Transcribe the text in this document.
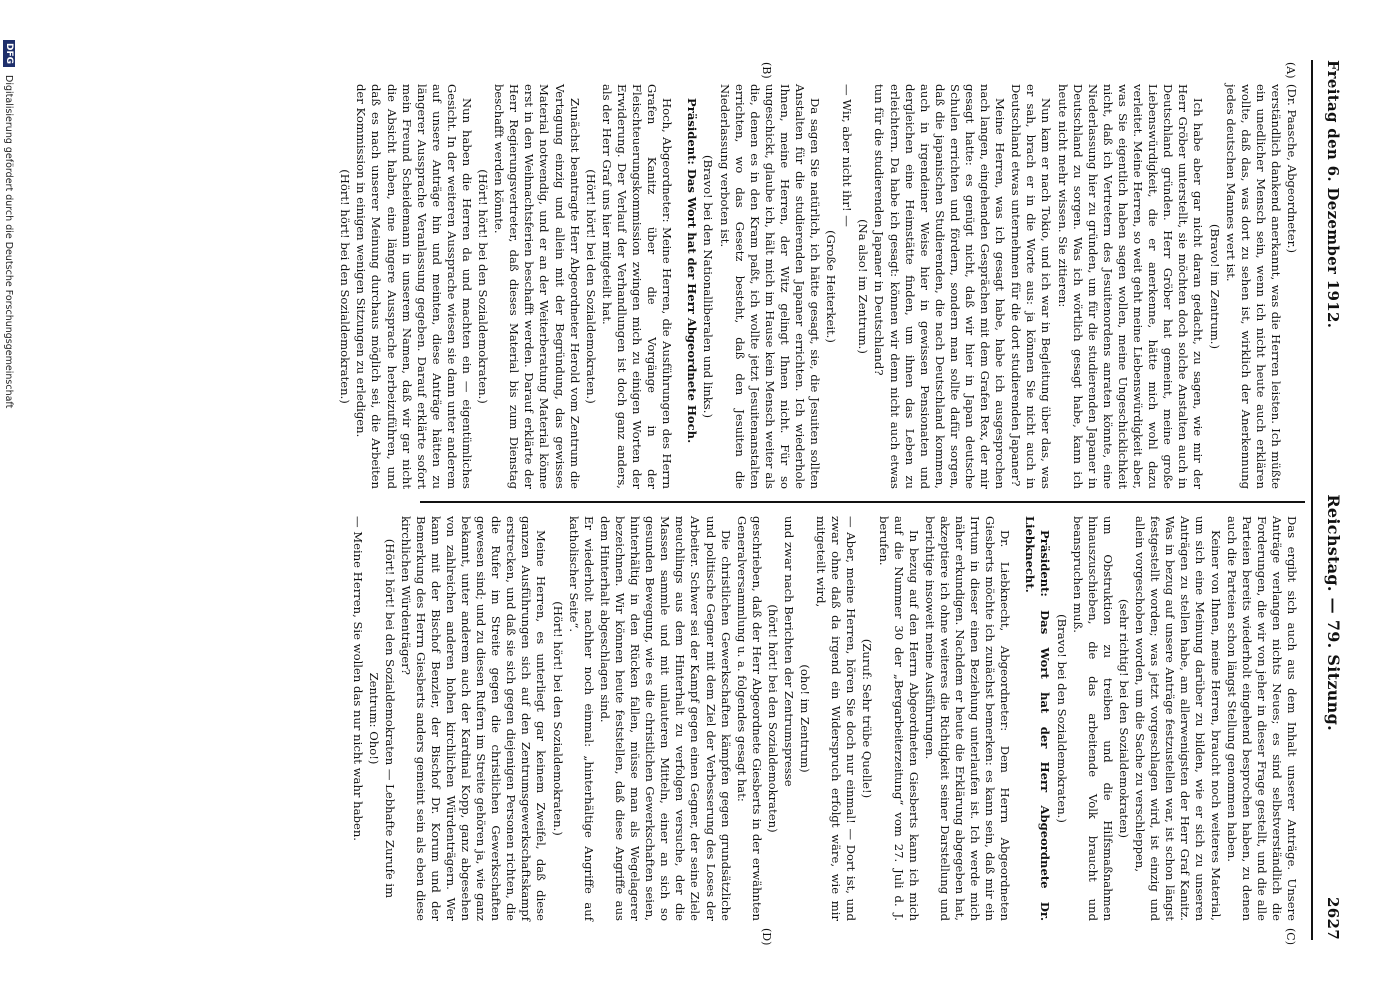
Freitag den 6. Dezember 1912.
Reichstag. — 79. Sitzung.
2627
(A)
(B)
(C)
(D)

(Dr. Paasche, Abgeordneter.)

verständlich dankend anerkannt, was die Herren leisten. Ich müßte ein unedlicher Mensch sein, wenn ich nicht heute auch erklären wollte, daß das, was dort zu sehen ist, wirklich der Anerkennung jedes deutschen Mannes wert ist.

(Bravo! im Zentrum.)

Ich habe aber gar nicht daran gedacht, zu sagen, wie mir der Herr Gröber unterstellt, sie möchten doch solche Anstalten auch in Deutschland gründen. Herr Gröber hat gemeint, meine große Liebenswürdigkeit, die er anerkenne, hätte mich wohl dazu verleitet. Meine Herren, so weit geht meine Liebenswürdigkeit aber, was Sie eigentlich haben sagen wollen, meine Ungeschicklichkeit nicht, daß ich Vertretern des Jesuitenordens anraten könnte, eine Niederlassung hier zu gründen, um für die studierenden Japaner in Deutschland zu sorgen. Was ich wörtlich gesagt habe, kann ich heute nicht mehr wissen. Sie zitieren:

Nun kam er nach Tokio, und ich war in Begleitung über das, was er sah, brach er in die Worte aus: ja können Sie nicht auch in Deutschland etwas unternehmen für die dort studierenden Japaner?

Meine Herren, was ich gesagt habe, habe ich ausgesprochen nach langen, eingehenden Gesprächen mit dem Grafen Rex, der mir gesagt hatte: es genügt nicht, daß wir hier in Japan deutsche Schulen errichten und fördern, sondern man sollte dafür sorgen, daß die japanischen Studierenden, die nach Deutschland kommen, auch in irgendeiner Weise hier in gewissen Pensionaten und dergleichen eine Heimstätte finden, um ihnen das Leben zu erleichtern. Da habe ich gesagt: können wir denn nicht auch etwas tun für die studierenden Japaner in Deutschland?

(Na also! im Zentrum.)

— Wir, aber nicht ihr! —

(Große Heiterkeit.)

Da sagen Sie natürlich, ich hätte gesagt, sie, die Jesuiten sollten Anstalten für die studierenden Japaner errichten. Ich wiederhole Ihnen, meine Herren, der Witz gelingt Ihnen nicht. Für so ungeschickt, glaube ich, hält mich im Hause kein Mensch weiter als die, denen es in den Kram paßt, ich wollte jetzt Jesuitenanstalten errichten, wo das Gesetz besteht, daß den Jesuiten die Niederlassung verboten ist.

(Bravo! bei den Nationalliberalen und links.)

Präsident: Das Wort hat der Herr Abgeordnete Hoch.

Hoch, Abgeordneter: Meine Herren, die Ausführungen des Herrn Grafen Kanitz über die Vorgänge in der Fleischteuerungskommission zwingen mich zu einigen Worten der Erwiderung. Der Verlauf der Verhandlungen ist doch ganz anders, als der Herr Graf uns hier mitgeteilt hat.

(Hört! hört! bei den Sozialdemokraten.)

Zunächst beantragte Herr Abgeordneter Herold vom Zentrum die Vertagung einzig und allein mit der Begründung, das gewisses Material notwendig, und er an der Weiterberatung Material könne erst in den Weihnachtsferien beschafft werden. Darauf erklärte der Herr Regierungsvertreter, daß dieses Material bis zum Dienstag beschafft werden könnte.

(Hört! hört! bei den Sozialdemokraten.)

Nun haben die Herren da und machten ein — eigentümliches Gesicht. In der weiteren Aussprache wiesen sie dann unter anderem auf unsere Anträge hin und meinten, diese Anträge hätten zu längerer Aussprache Veranlassung gegeben. Darauf erklärte sofort mein Freund Scheidemann in unserem Namen, daß wir gar nicht die Absicht haben, eine längere Aussprache herbeizuführen, und daß es nach unserer Meinung durchaus möglich sei, die Arbeiten der Kommission in einigen wenigen Sitzungen zu erledigen.

(Hört! hört! bei den Sozialdemokraten.)

Das ergibt sich auch aus dem Inhalt unserer Anträge. Unsere Anträge verlangen nichts Neues; es sind selbstverständlich die Forderungen, die wir von jeher in dieser Frage gestellt, und die alle Parteien bereits wiederholt eingehend besprochen haben, zu denen auch die Parteien schon längst Stellung genommen haben.

Keiner von Ihnen, meine Herren, braucht noch weiteres Material, um sich eine Meinung darüber zu bilden, wie er sich zu unseren Anträgen zu stellen habe, am allerwenigsten der Herr Graf Kanitz. Was in bezug auf unsere Anträge festzustellen war, ist schon längst festgestellt worden; was jetzt vorgeschlagen wird, ist einzig und allein vorgeschoben worden, um die Sache zu verschleppen,

(sehr richtig! bei den Sozialdemokraten)

um Obstruktion zu treiben und die Hilfsmaßnahmen hinauszuschieben, die das arbeitende Volk braucht und beanspruchen muß.

(Bravo! bei den Sozialdemokraten.)

Präsident: Das Wort hat der Herr Abgeordnete Dr. Liebknecht.

Dr. Liebknecht, Abgeordneter: Dem Herrn Abgeordneten Giesberts möchte ich zunächst bemerken: es kann sein, daß mir ein Irrtum in dieser einen Beziehung unterlaufen ist. Ich werde mich näher erkundigen. Nachdem er heute die Erklärung abgegeben hat, akzeptiere ich ohne weiteres die Richtigkeit seiner Darstellung und berichtige insoweit meine Ausführungen.

In bezug auf den Herrn Abgeordneten Giesberts kann ich mich auf die Nummer 30 der „Bergarbeiterzeitung“ vom 27. Juli d. J. berufen.

(Zuruf: Sehr trübe Quelle!)

— Aber, meine Herren, hören Sie doch nur einmal! — Dort ist, und zwar ohne daß da irgend ein Widerspruch erfolgt wäre, wie mir mitgeteilt wird,

(oho! im Zentrum)

und zwar nach Berichten der Zentrumspresse

(hört! hört! bei den Sozialdemokraten)

geschrieben, daß der Herr Abgeordnete Giesberts in der erwähnten Generalversammlung u. a. folgendes gesagt hat:

Die christlichen Gewerkschaften kämpfen gegen grundsätzliche und politische Gegner mit dem Ziel der Verbesserung des Loses der Arbeiter. Schwer sei der Kampf gegen einen Gegner, der seine Ziele meuchlings aus dem Hinterhalt zu verfolgen versuche, der die Massen sammle und mit unlauteren Mitteln, einer an sich so gesunden Bewegung, wie es die christlichen Gewerkschaften seien, hinterhältig in den Rücken fallen, müsse man als Wegelagerer bezeichnen. Wir können heute feststellen, daß diese Angriffe aus dem Hinterhalt abgeschlagen sind.

Er wiederholt nachher noch einmal: „hinterhältige Angriffe auf katholischer Seite“.

(Hört! hört! bei den Sozialdemokraten.)

Meine Herren, es unterliegt gar keinem Zweifel, daß diese ganzen Ausführungen sich auf den Zentrumsgewerkschaftskampf erstrecken, und daß sie sich gegen diejenigen Personen richten, die die Rufer im Streite gegen die christlichen Gewerkschaften gewesen sind; und zu diesen Rufern im Streite gehören ja, wie ganz bekannt, unter anderem auch der Kardinal Kopp, ganz abgesehen von zahlreichen anderen hohen kirchlichen Würdenträgern. Wer kann mit der Bischof Benzler, der Bischof Dr. Korum und der Bemerkung des Herrn Giesberts anders gemeint sein als eben diese kirchlichen Würdenträger?

(Hört! hört! bei den Sozialdemokraten — Lebhafte Zurufe im Zentrum: Oho!)

— Meine Herren, Sie wollen das nur nicht wahr haben.

DFG
Digitalisierung gefördert durch die Deutsche Forschungsgemeinschaft
